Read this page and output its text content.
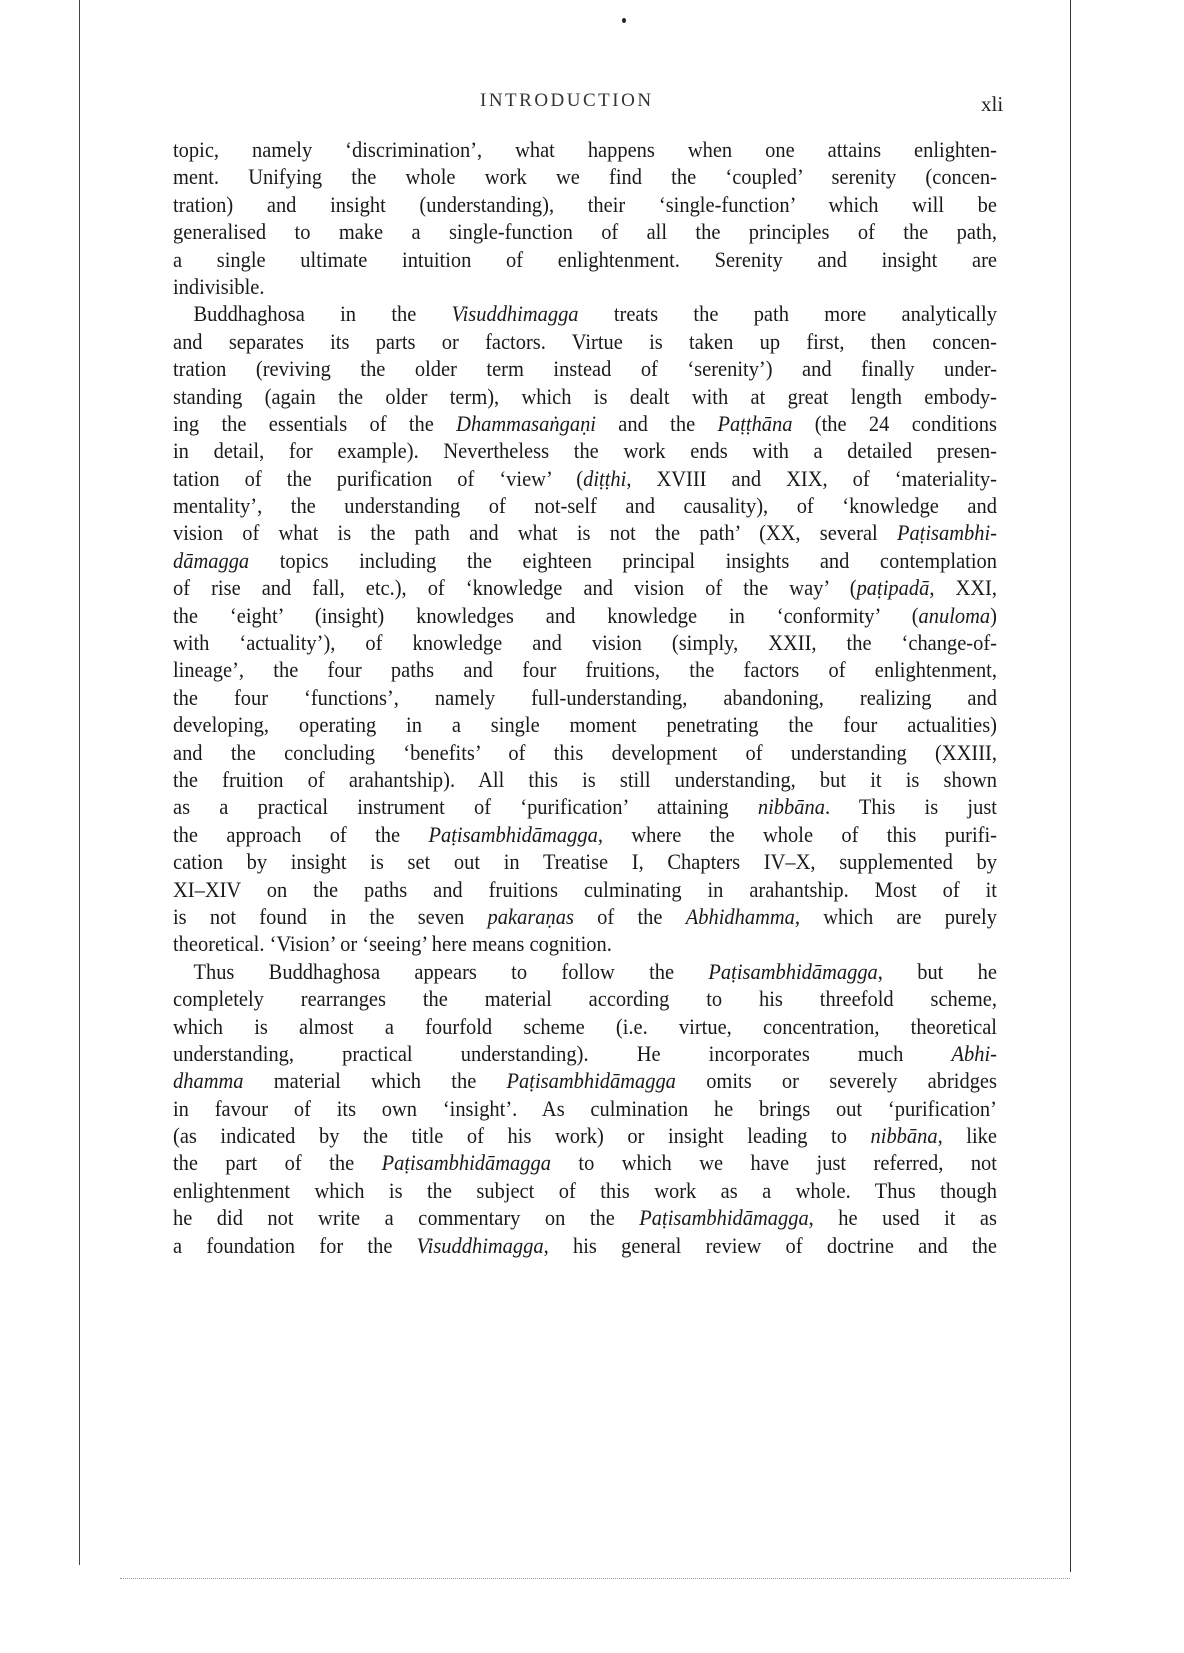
INTRODUCTION	xli
topic, namely ‘discrimination’, what happens when one attains enlighten-
ment. Unifying the whole work we find the ‘coupled’ serenity (concen-
tration) and insight (understanding), their ‘single-function’ which will be
generalised to make a single-function of all the principles of the path,
a single ultimate intuition of enlightenment. Serenity and insight are
indivisible.
Buddhaghosa in the Visuddhimagga treats the path more analytically
and separates its parts or factors. Virtue is taken up first, then concen-
tration (reviving the older term instead of ‘serenity’) and finally under-
standing (again the older term), which is dealt with at great length embody-
ing the essentials of the Dhammasaṅgaṇi and the Paṭṭhāna (the 24 conditions
in detail, for example). Nevertheless the work ends with a detailed presen-
tation of the purification of ‘view’ (diṭṭhi, XVIII and XIX, of ‘materiality-
mentality’, the understanding of not-self and causality), of ‘knowledge and
vision of what is the path and what is not the path’ (XX, several Paṭisambhi-
dāmagga topics including the eighteen principal insights and contemplation
of rise and fall, etc.), of ‘knowledge and vision of the way’ (paṭipadā, XXI,
the ‘eight’ (insight) knowledges and knowledge in ‘conformity’ (anuloma)
with ‘actuality’), of knowledge and vision (simply, XXII, the ‘change-of-
lineage’, the four paths and four fruitions, the factors of enlightenment,
the four ‘functions’, namely full-understanding, abandoning, realizing and
developing, operating in a single moment penetrating the four actualities)
and the concluding ‘benefits’ of this development of understanding (XXIII,
the fruition of arahantship). All this is still understanding, but it is shown
as a practical instrument of ‘purification’ attaining nibbāna. This is just
the approach of the Paṭisambhidāmagga, where the whole of this purifi-
cation by insight is set out in Treatise I, Chapters IV–X, supplemented by
XI–XIV on the paths and fruitions culminating in arahantship. Most of it
is not found in the seven pakaraṇas of the Abhidhamma, which are purely
theoretical. ‘Vision’ or ‘seeing’ here means cognition.
Thus Buddhaghosa appears to follow the Paṭisambhidāmagga, but he
completely rearranges the material according to his threefold scheme,
which is almost a fourfold scheme (i.e. virtue, concentration, theoretical
understanding, practical understanding). He incorporates much Abhi-
dhamma material which the Paṭisambhidāmagga omits or severely abridges
in favour of its own ‘insight’. As culmination he brings out ‘purification’
(as indicated by the title of his work) or insight leading to nibbāna, like
the part of the Paṭisambhidāmagga to which we have just referred, not
enlightenment which is the subject of this work as a whole. Thus though
he did not write a commentary on the Paṭisambhidāmagga, he used it as
a foundation for the Visuddhimagga, his general review of doctrine and the
